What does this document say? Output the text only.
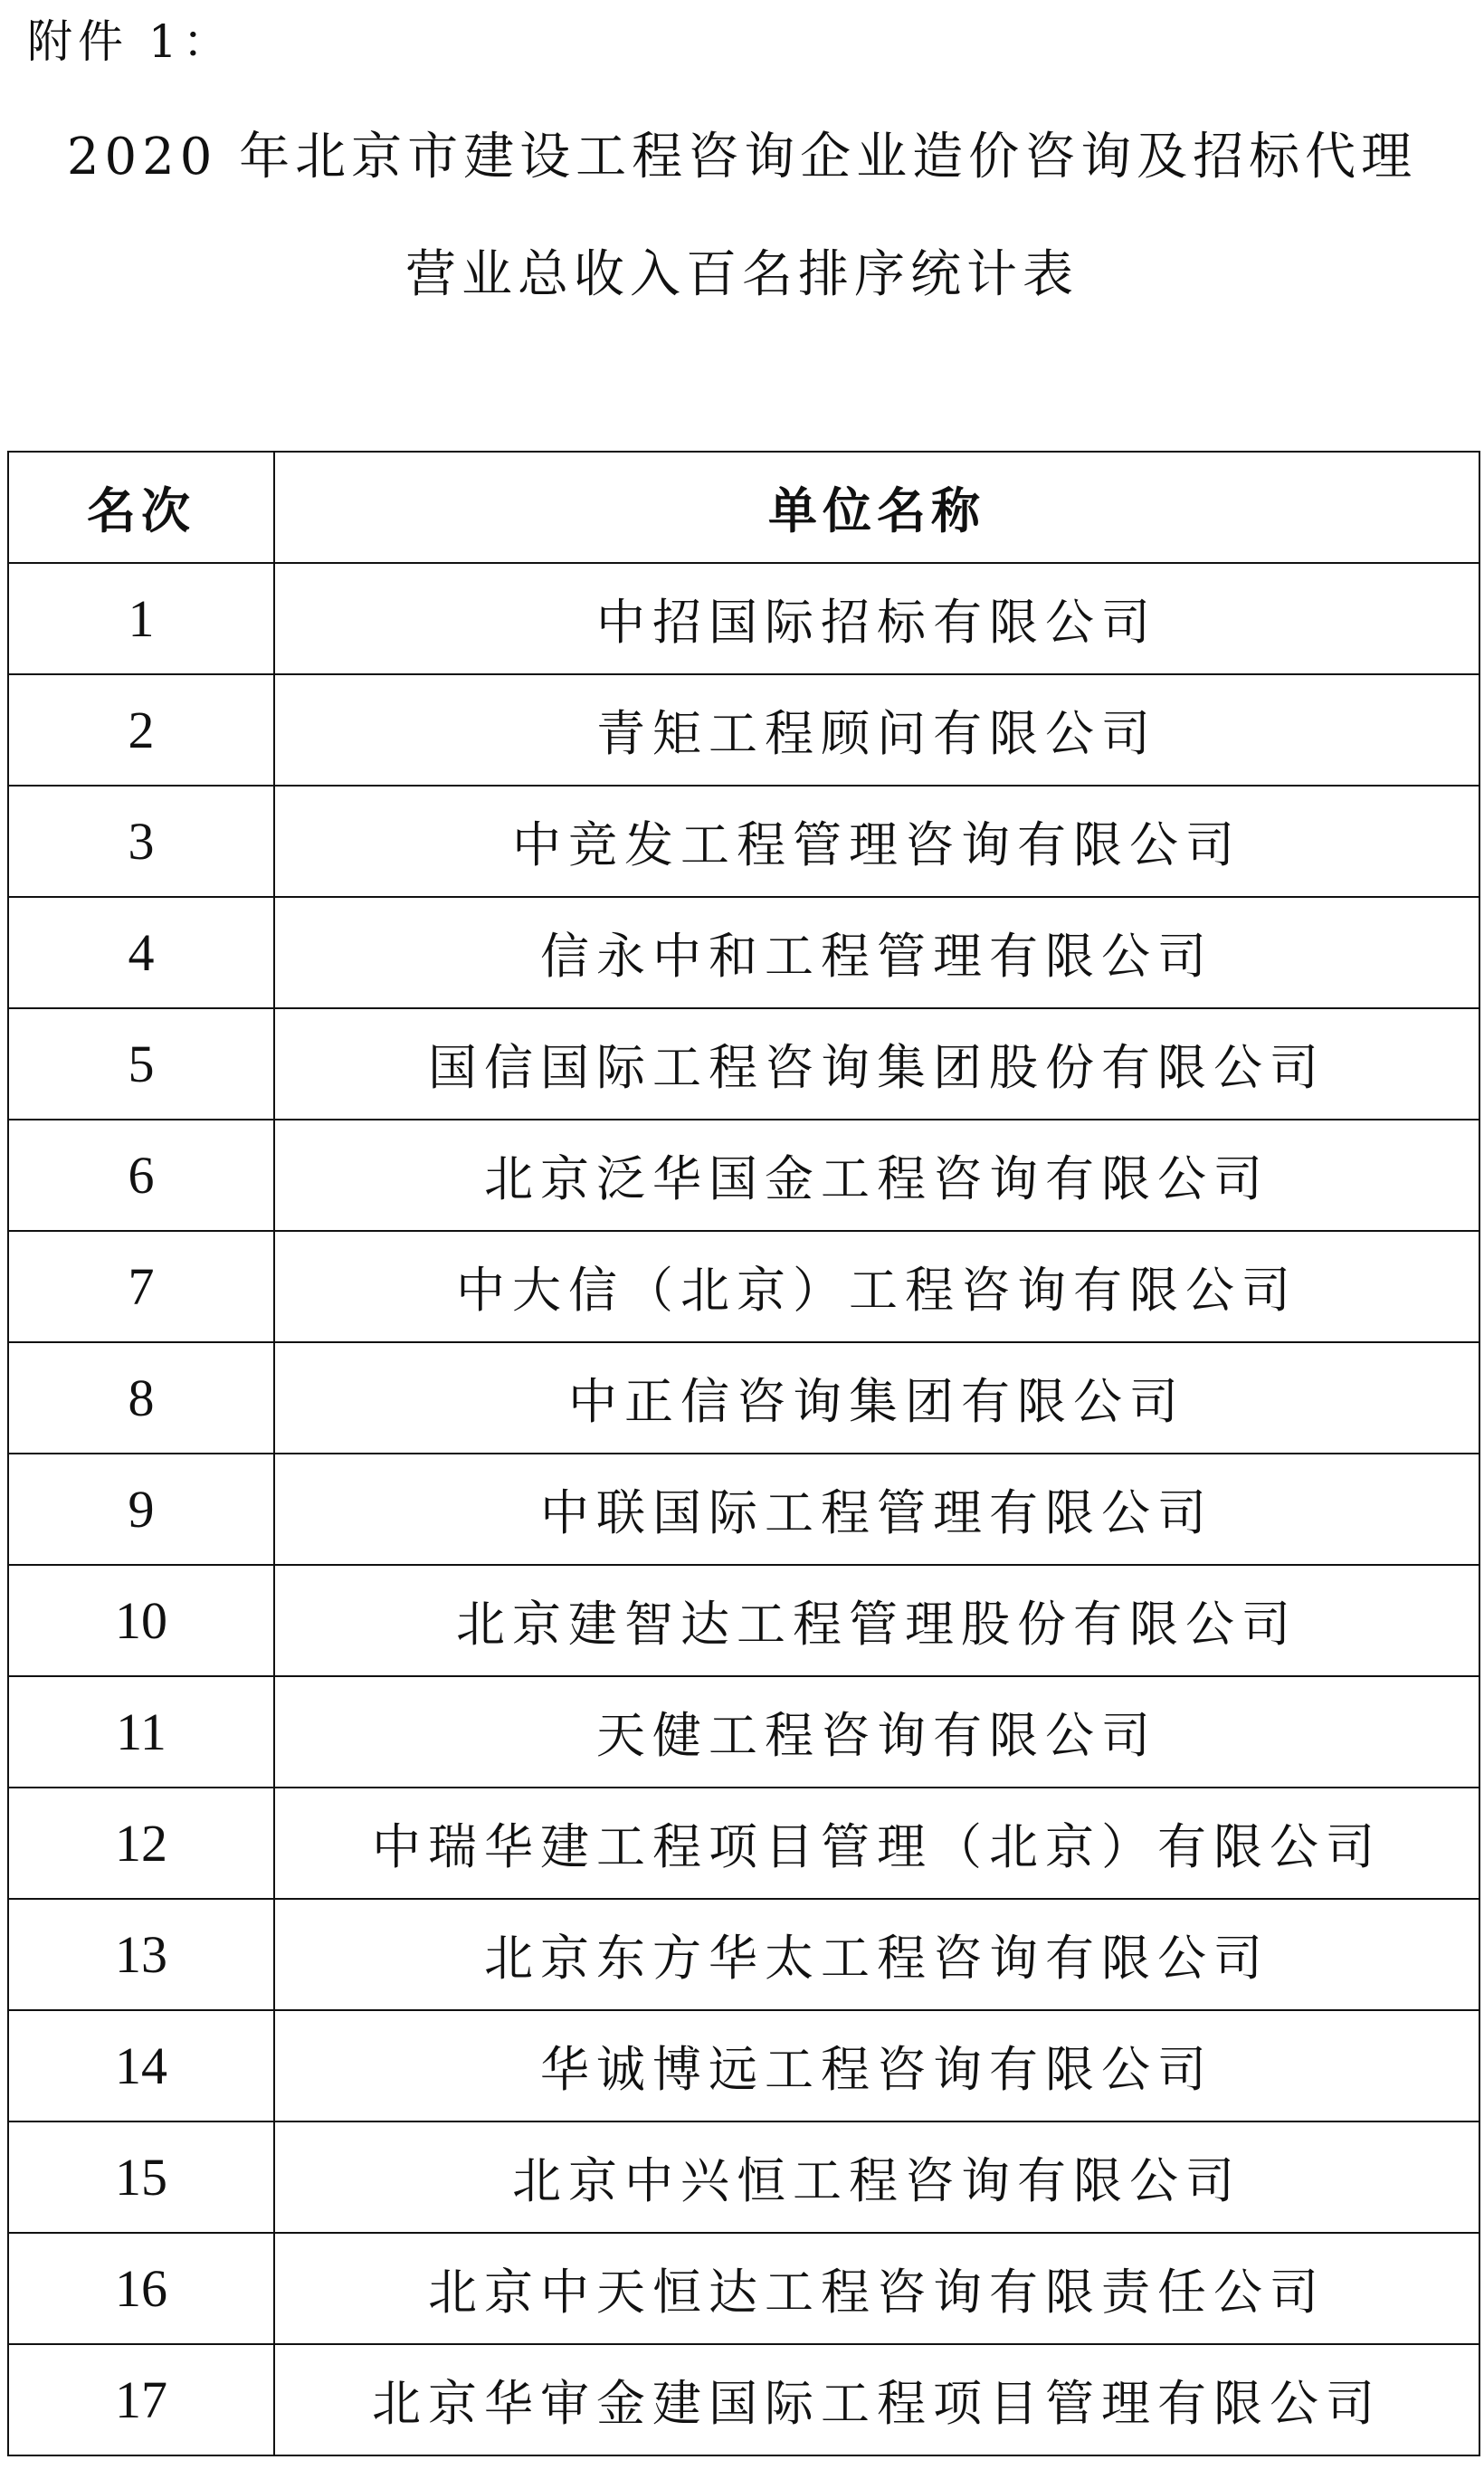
附件 1：
2020 年北京市建设工程咨询企业造价咨询及招标代理
营业总收入百名排序统计表
名次	单位名称
1	中招国际招标有限公司
2	青矩工程顾问有限公司
3	中竞发工程管理咨询有限公司
4	信永中和工程管理有限公司
5	国信国际工程咨询集团股份有限公司
6	北京泛华国金工程咨询有限公司
7	中大信（北京）工程咨询有限公司
8	中正信咨询集团有限公司
9	中联国际工程管理有限公司
10	北京建智达工程管理股份有限公司
11	天健工程咨询有限公司
12	中瑞华建工程项目管理（北京）有限公司
13	北京东方华太工程咨询有限公司
14	华诚博远工程咨询有限公司
15	北京中兴恒工程咨询有限公司
16	北京中天恒达工程咨询有限责任公司
17	北京华审金建国际工程项目管理有限公司
